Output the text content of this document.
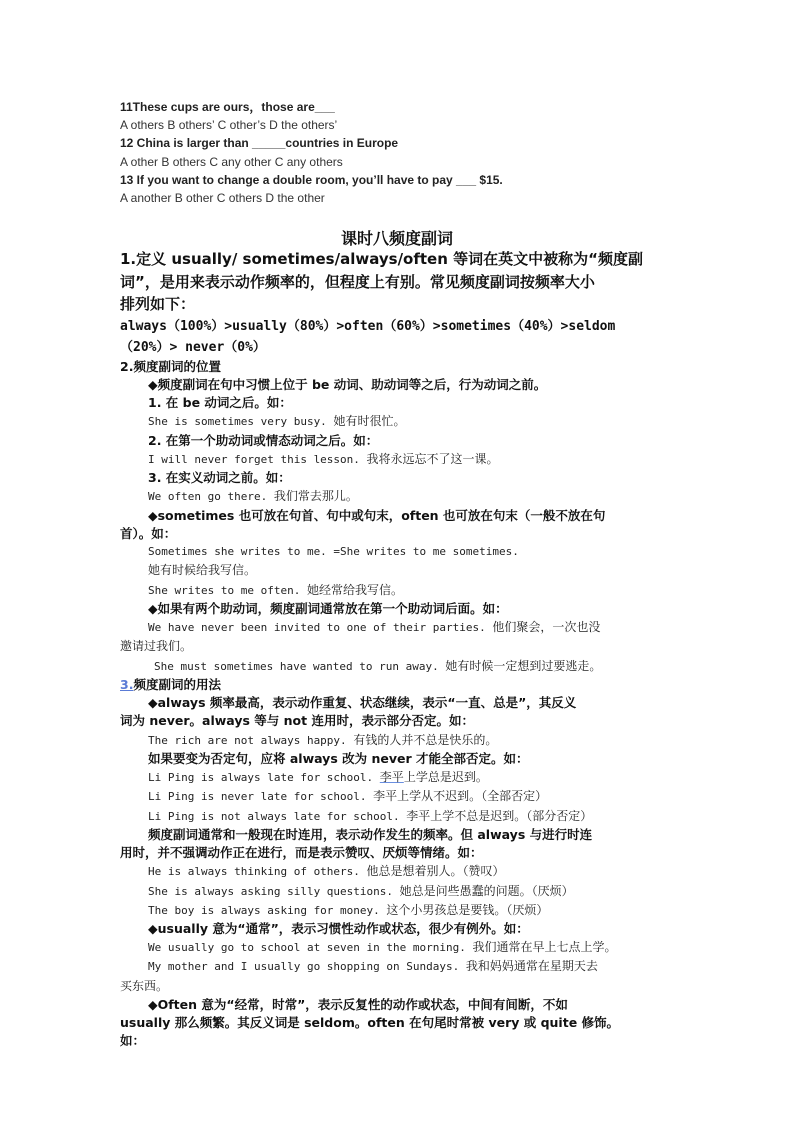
11These cups are ours，those are___
A others B others’ C other’s D the others’
12 China is larger than _____countries in Europe
A other B others C any other C any others
13 If you want to change a double room, you’ll have to pay ___ $15.
A another B other C others D the other
课时八频度副词
1.定义 usually/ sometimes/always/often 等词在英文中被称为“频度副
词”，是用来表示动作频率的，但程度上有别。常见频度副词按频率大小
排列如下：
always（100%）>usually（80%）>often（60%）>sometimes（40%）>seldom
（20%）> never（0%）
2.频度副词的位置
◆频度副词在句中习惯上位于 be 动词、助动词等之后，行为动词之前。
1. 在 be 动词之后。如：
She is sometimes very busy. 她有时很忙。
2. 在第一个助动词或情态动词之后。如：
I will never forget this lesson. 我将永远忘不了这一课。
3. 在实义动词之前。如：
We often go there. 我们常去那儿。
◆sometimes 也可放在句首、句中或句末，often 也可放在句末（一般不放在句
首）。如：
Sometimes she writes to me. =She writes to me sometimes.
她有时候给我写信。
She writes to me often. 她经常给我写信。
◆如果有两个助动词，频度副词通常放在第一个助动词后面。如：
We have never been invited to one of their parties. 他们聚会，一次也没
邀请过我们。
She must sometimes have wanted to run away. 她有时候一定想到过要逃走。
3.频度副词的用法
◆always 频率最高，表示动作重复、状态继续，表示“一直、总是”，其反义
词为 never。always 等与 not 连用时，表示部分否定。如：
The rich are not always happy. 有钱的人并不总是快乐的。
如果要变为否定句，应将 always 改为 never 才能全部否定。如：
Li Ping is always late for school. 李平上学总是迟到。
Li Ping is never late for school. 李平上学从不迟到。（全部否定）
Li Ping is not always late for school. 李平上学不总是迟到。（部分否定）
频度副词通常和一般现在时连用，表示动作发生的频率。但 always 与进行时连
用时，并不强调动作正在进行，而是表示赞叹、厌烦等情绪。如：
He is always thinking of others. 他总是想着别人。（赞叹）
She is always asking silly questions. 她总是问些愚蠢的问题。（厌烦）
The boy is always asking for money. 这个小男孩总是要钱。（厌烦）
◆usually 意为“通常”，表示习惯性动作或状态，很少有例外。如：
We usually go to school at seven in the morning. 我们通常在早上七点上学。
My mother and I usually go shopping on Sundays. 我和妈妈通常在星期天去
买东西。
◆Often 意为“经常，时常”，表示反复性的动作或状态，中间有间断，不如
usually 那么频繁。其反义词是 seldom。often 在句尾时常被 very 或 quite 修饰。
如：
